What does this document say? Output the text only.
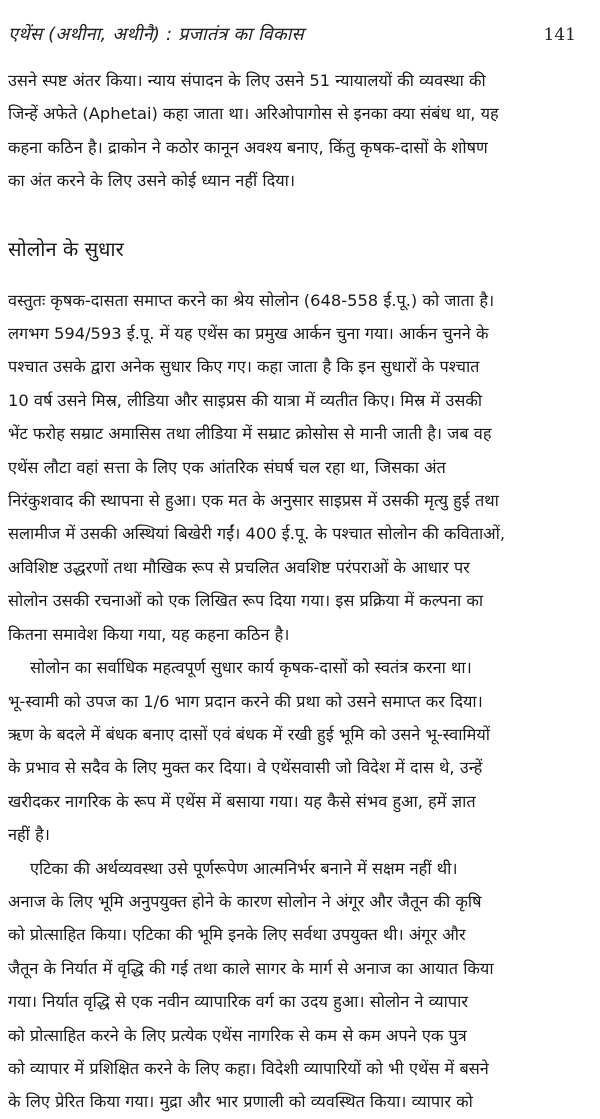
एथेंस (अथीना, अथीनै) : प्रजातंत्र का विकास	141

उसने स्पष्ट अंतर किया। न्याय संपादन के लिए उसने 51 न्यायालयों की व्यवस्था की
जिन्हें अफेते (Aphetai) कहा जाता था। अरिओपागोस से इनका क्या संबंध था, यह
कहना कठिन है। द्राकोन ने कठोर कानून अवश्य बनाए, किंतु कृषक-दासों के शोषण
का अंत करने के लिए उसने कोई ध्यान नहीं दिया।

सोलोन के सुधार

वस्तुतः कृषक-दासता समाप्त करने का श्रेय सोलोन (648-558 ई.पू.) को जाता है।
लगभग 594/593 ई.पू. में यह एथेंस का प्रमुख आर्कन चुना गया। आर्कन चुनने के
पश्चात उसके द्वारा अनेक सुधार किए गए। कहा जाता है कि इन सुधारों के पश्चात
10 वर्ष उसने मिस्र, लीडिया और साइप्रस की यात्रा में व्यतीत किए। मिस्र में उसकी
भेंट फरोह सम्राट अमासिस तथा लीडिया में सम्राट क्रोसोस से मानी जाती है। जब वह
एथेंस लौटा वहां सत्ता के लिए एक आंतरिक संघर्ष चल रहा था, जिसका अंत
निरंकुशवाद की स्थापना से हुआ। एक मत के अनुसार साइप्रस में उसकी मृत्यु हुई तथा
सलामीज में उसकी अस्थियां बिखेरी गईं। 400 ई.पू. के पश्चात सोलोन की कविताओं,
अविशिष्ट उद्धरणों तथा मौखिक रूप से प्रचलित अवशिष्ट परंपराओं के आधार पर
सोलोन उसकी रचनाओं को एक लिखित रूप दिया गया। इस प्रक्रिया में कल्पना का
कितना समावेश किया गया, यह कहना कठिन है।

सोलोन का सर्वाधिक महत्वपूर्ण सुधार कार्य कृषक-दासों को स्वतंत्र करना था।
भू-स्वामी को उपज का 1/6 भाग प्रदान करने की प्रथा को उसने समाप्त कर दिया।
ऋण के बदले में बंधक बनाए दासों एवं बंधक में रखी हुई भूमि को उसने भू-स्वामियों
के प्रभाव से सदैव के लिए मुक्त कर दिया। वे एथेंसवासी जो विदेश में दास थे, उन्हें
खरीदकर नागरिक के रूप में एथेंस में बसाया गया। यह कैसे संभव हुआ, हमें ज्ञात
नहीं है।

एटिका की अर्थव्यवस्था उसे पूर्णरूपेण आत्मनिर्भर बनाने में सक्षम नहीं थी।
अनाज के लिए भूमि अनुपयुक्त होने के कारण सोलोन ने अंगूर और जैतून की कृषि
को प्रोत्साहित किया। एटिका की भूमि इनके लिए सर्वथा उपयुक्त थी। अंगूर और
जैतून के निर्यात में वृद्धि की गई तथा काले सागर के मार्ग से अनाज का आयात किया
गया। निर्यात वृद्धि से एक नवीन व्यापारिक वर्ग का उदय हुआ। सोलोन ने व्यापार
को प्रोत्साहित करने के लिए प्रत्येक एथेंस नागरिक से कम से कम अपने एक पुत्र
को व्यापार में प्रशिक्षित करने के लिए कहा। विदेशी व्यापारियों को भी एथेंस में बसने
के लिए प्रेरित किया गया। मुद्रा और भार प्रणाली को व्यवस्थित किया। व्यापार को
